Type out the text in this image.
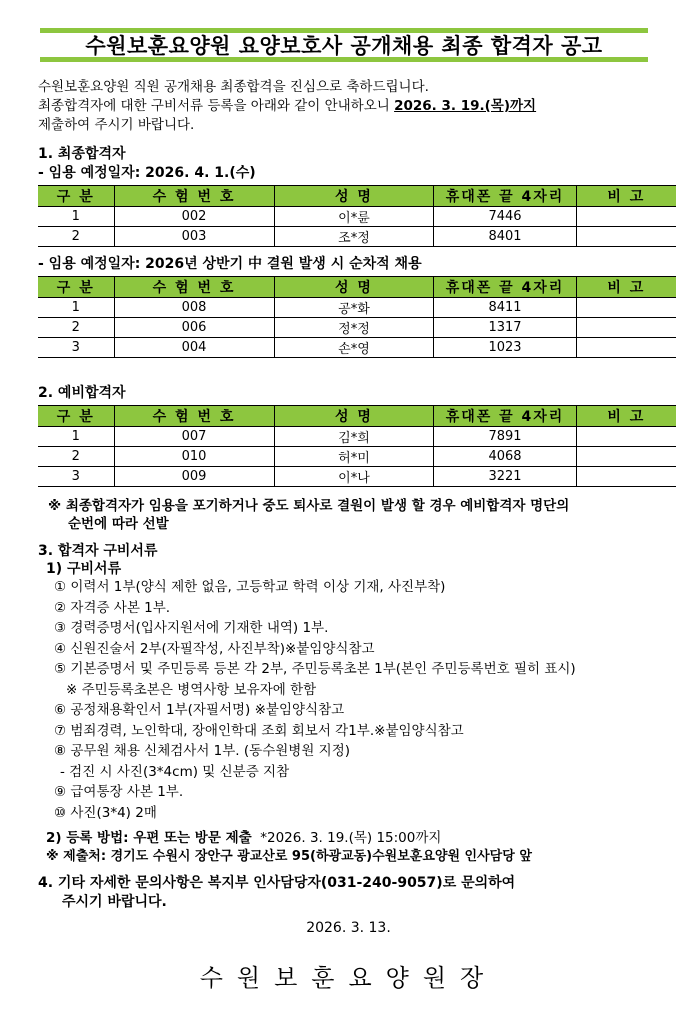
수원보훈요양원 요양보호사 공개채용 최종 합격자 공고
수원보훈요양원 직원 공개채용 최종합격을 진심으로 축하드립니다.
최종합격자에 대한 구비서류 등록을 아래와 같이 안내하오니 2026. 3. 19.(목)까지
제출하여 주시기 바랍니다.
1. 최종합격자
- 임용 예정일자: 2026. 4. 1.(수)
구 분	수 험 번 호	성 명	휴대폰 끝 4자리	비 고
1	002	이*륜	7446	
2	003	조*정	8401	
- 임용 예정일자: 2026년 상반기 中 결원 발생 시 순차적 채용
구 분	수 험 번 호	성 명	휴대폰 끝 4자리	비 고
1	008	공*화	8411	
2	006	정*정	1317	
3	004	손*영	1023	
2. 예비합격자
구 분	수 험 번 호	성 명	휴대폰 끝 4자리	비 고
1	007	김*희	7891	
2	010	허*미	4068	
3	009	이*나	3221	
※ 최종합격자가 임용을 포기하거나 중도 퇴사로 결원이 발생 할 경우 예비합격자 명단의
순번에 따라 선발
3. 합격자 구비서류
1) 구비서류
① 이력서 1부(양식 제한 없음, 고등학교 학력 이상 기재, 사진부착)
② 자격증 사본 1부.
③ 경력증명서(입사지원서에 기재한 내역) 1부.
④ 신원진술서 2부(자필작성, 사진부착)※붙임양식참고
⑤ 기본증명서 및 주민등록 등본 각 2부, 주민등록초본 1부(본인 주민등록번호 필히 표시)
※ 주민등록초본은 병역사항 보유자에 한함
⑥ 공정채용확인서 1부(자필서명) ※붙임양식참고
⑦ 범죄경력, 노인학대, 장애인학대 조회 회보서 각1부.※붙임양식참고
⑧ 공무원 채용 신체검사서 1부. (동수원병원 지정)
- 검진 시 사진(3*4cm) 및 신분증 지참
⑨ 급여통장 사본 1부.
⑩ 사진(3*4) 2매
2) 등록 방법: 우편 또는 방문 제출 *2026. 3. 19.(목) 15:00까지
※ 제출처: 경기도 수원시 장안구 광교산로 95(하광교동)수원보훈요양원 인사담당 앞
4. 기타 자세한 문의사항은 복지부 인사담당자(031-240-9057)로 문의하여
주시기 바랍니다.
2026. 3. 13.
수원보훈요양원장
